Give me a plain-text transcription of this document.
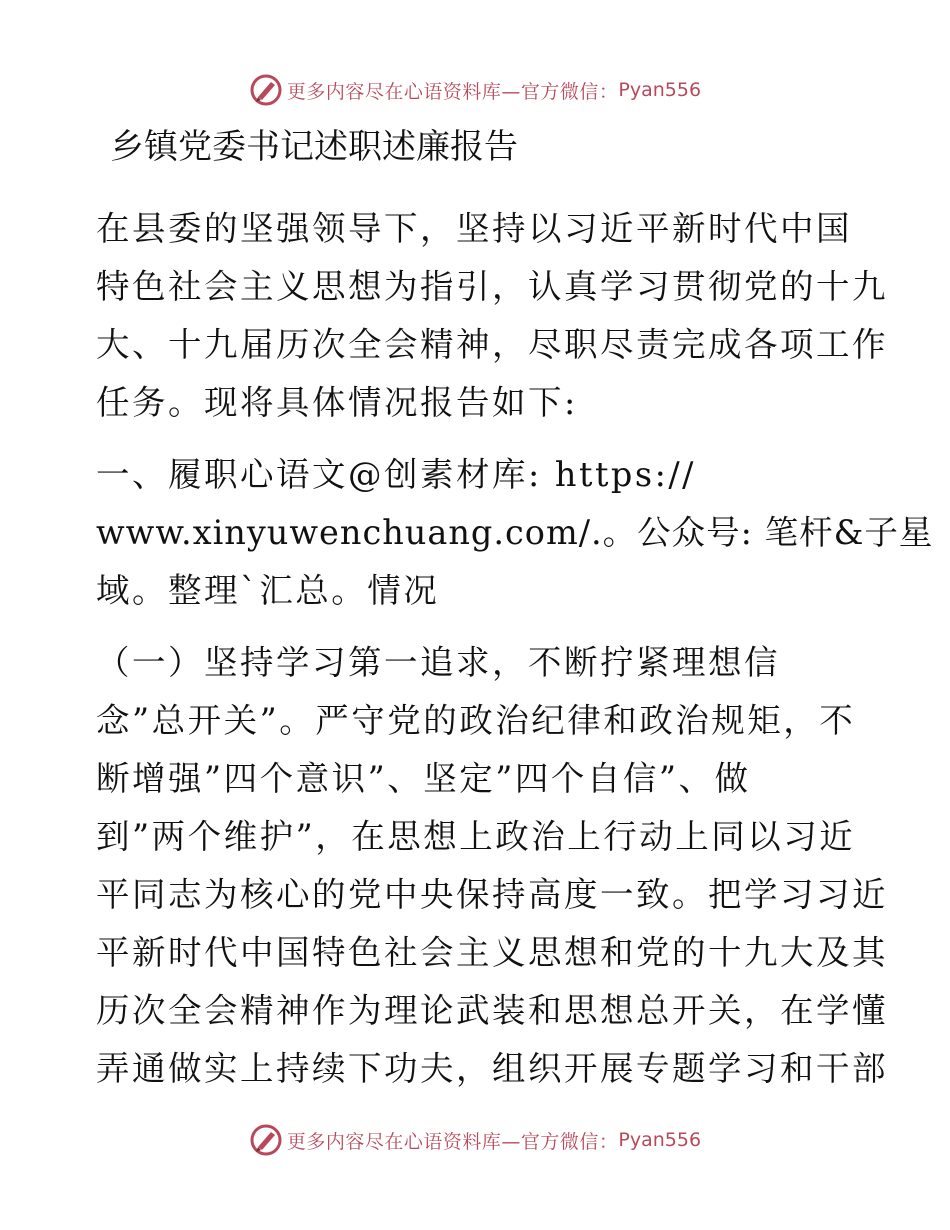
更多内容尽在心语资料库—官方微信： Pyan556
乡镇党委书记述职述廉报告

在县委的坚强领导下，坚持以习近平新时代中国
特色社会主义思想为指引，认真学习贯彻党的十九
大、十九届历次全会精神，尽职尽责完成各项工作
任务。现将具体情况报告如下:

一、履职心语文@创素材库: https://
www.xinyuwenchuang.com/.。公众号: 笔杆&子星
域。整理`汇总。情况

（一）坚持学习第一追求，不断拧紧理想信
念”总开关”。严守党的政治纪律和政治规矩，不
断增强”四个意识”、坚定”四个自信”、做
到”两个维护”，在思想上政治上行动上同以习近
平同志为核心的党中央保持高度一致。把学习习近
平新时代中国特色社会主义思想和党的十九大及其
历次全会精神作为理论武装和思想总开关，在学懂
弄通做实上持续下功夫，组织开展专题学习和干部

更多内容尽在心语资料库—官方微信： Pyan556
